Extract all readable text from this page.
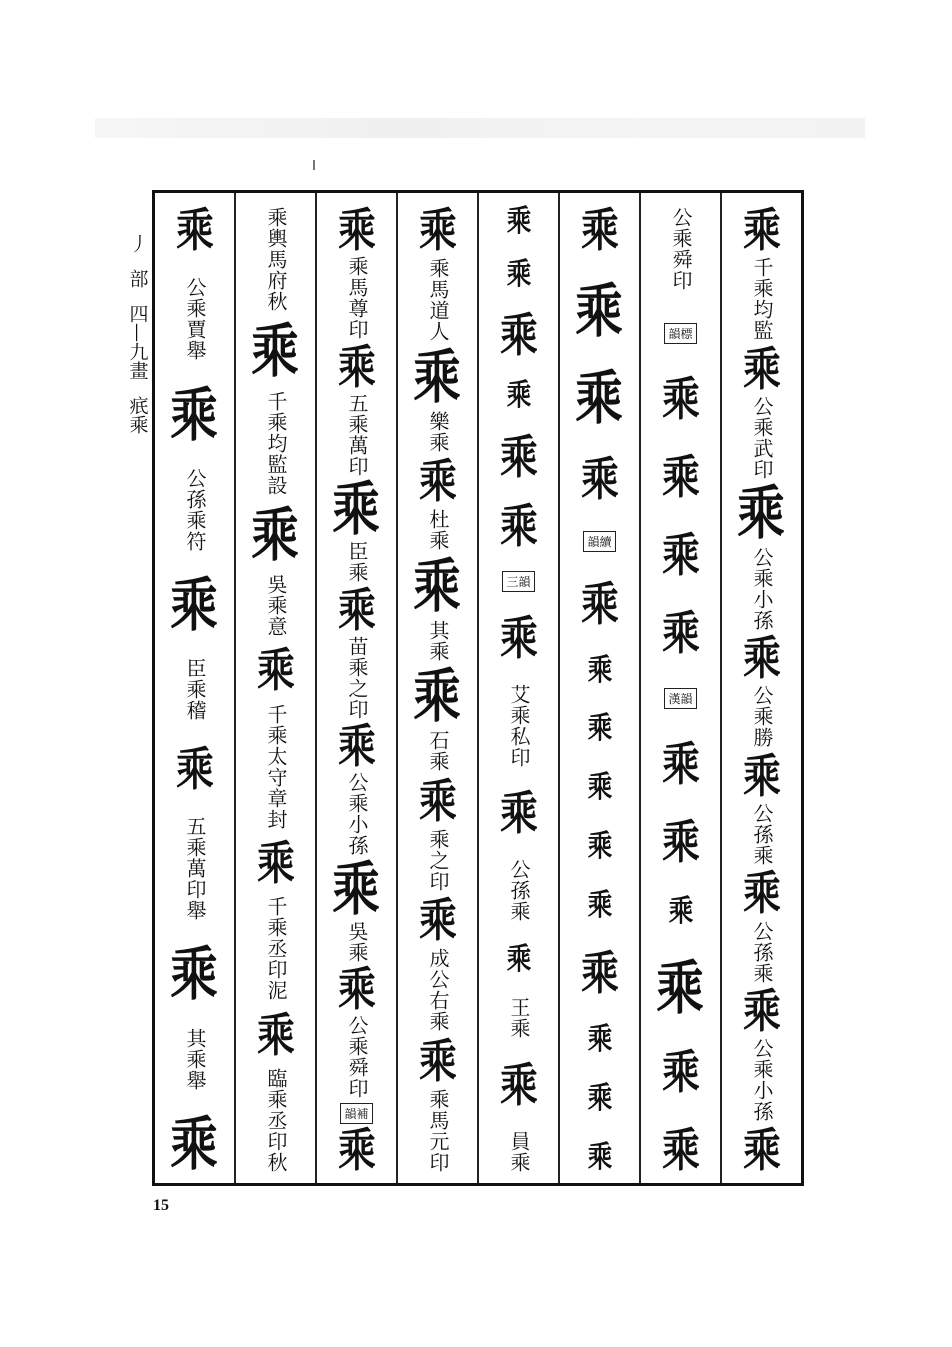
丿
部
四—九畫
疧乘
乘
千乘均監
乘
公乘武印
乘
公乘小孫
乘
公乘勝
乘
公孫乘
乘
公孫乘
乘
公乘小孫
乘
公乘舜印
韻標
乘
乘
乘
乘
漢韻
乘
乘
乘
乘
乘
乘
乘
乘
乘
乘
韻續
乘
乘
乘
乘
乘
乘
乘
乘
乘
乘
乘
乘
乘
乘
乘
乘
三韻
乘
艾乘私印
乘
公孫乘
乘
王乘
乘
員乘
乘
乘馬道人
乘
樂乘
乘
杜乘
乘
其乘
乘
石乘
乘
乘之印
乘
成公右乘
乘
乘馬元印
乘
乘馬尊印
乘
五乘萬印
乘
臣乘
乘
苗乘之印
乘
公乘小孫
乘
吳乘
乘
公乘舜印
韻補
乘
乘輿馬府秋
乘
千乘均監設
乘
吳乘意
乘
千乘太守章封
乘
千乘丞印泥
乘
臨乘丞印秋
乘
公乘賈舉
乘
公孫乘符
乘
臣乘稽
乘
五乘萬印舉
乘
其乘舉
乘
15
